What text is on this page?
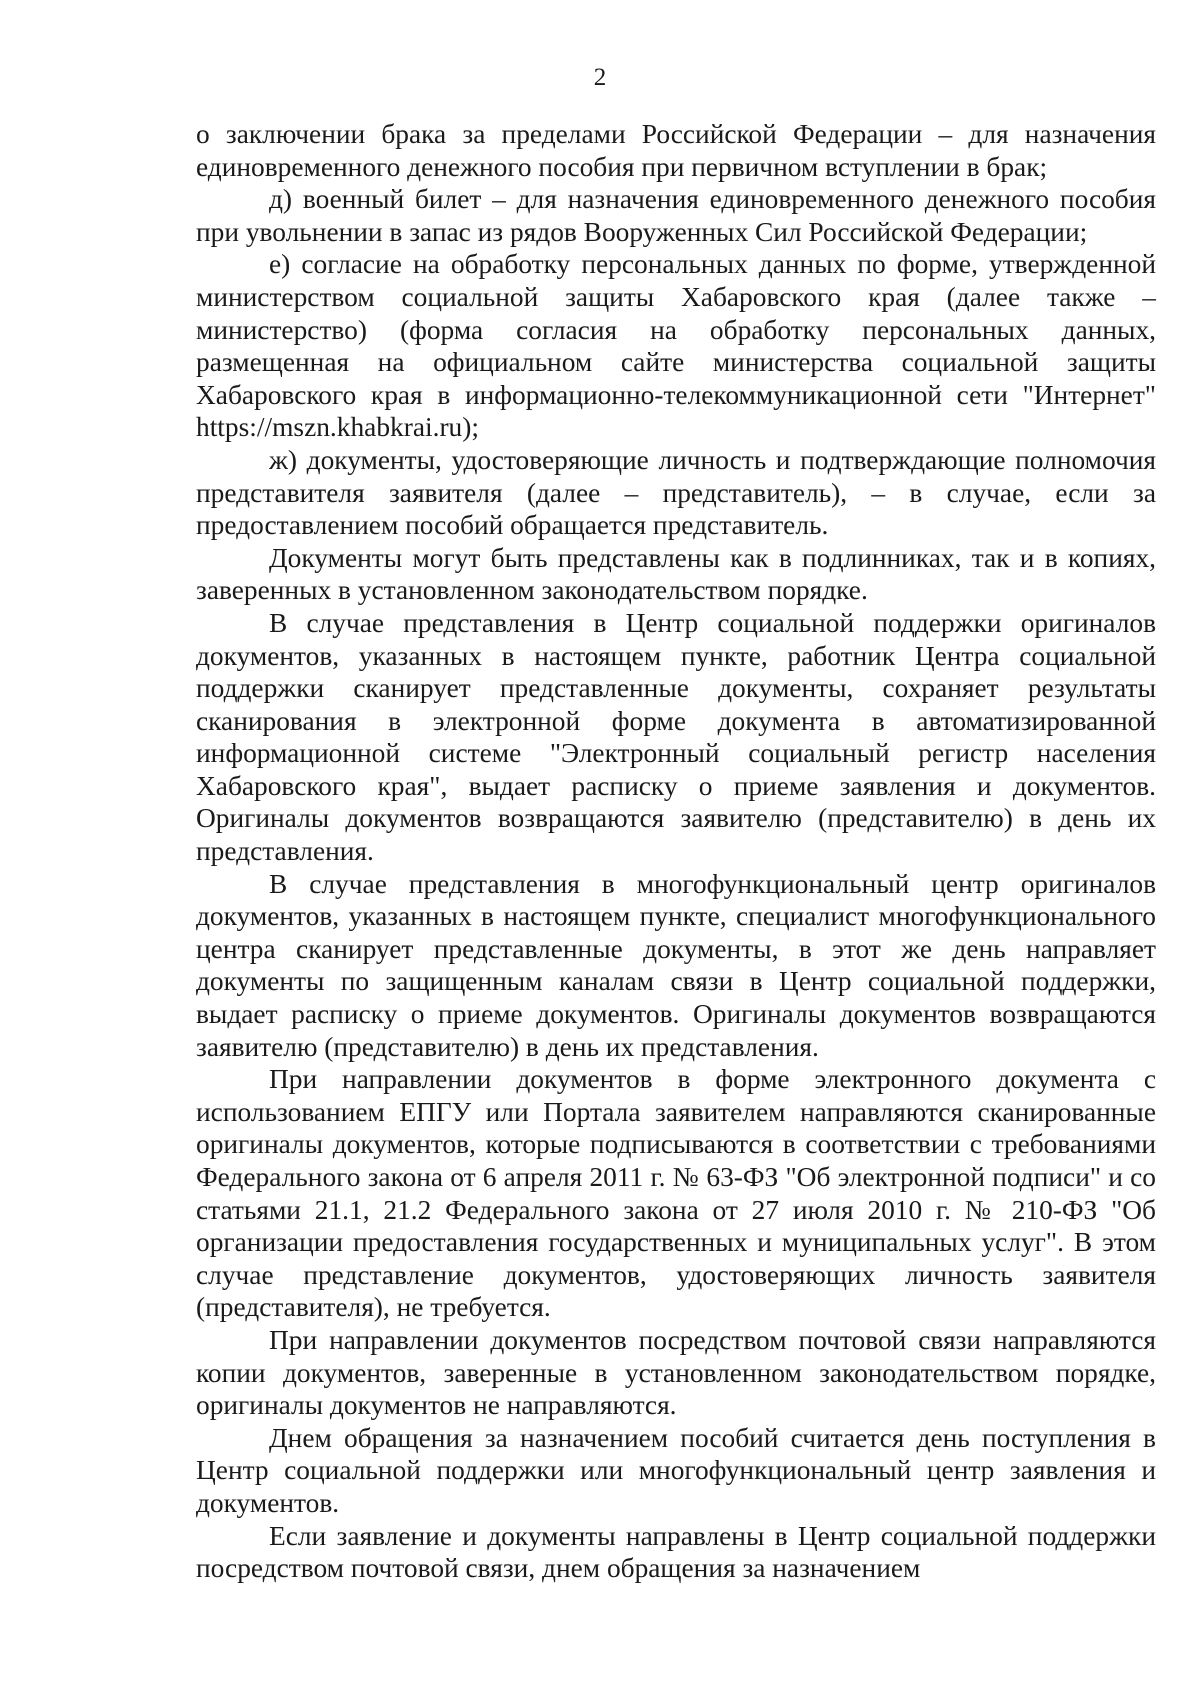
2

о заключении брака за пределами Российской Федерации – для назначения единовременного денежного пособия при первичном вступлении в брак;

д) военный билет – для назначения единовременного денежного пособия при увольнении в запас из рядов Вооруженных Сил Российской Федерации;

е) согласие на обработку персональных данных по форме, утвержденной министерством социальной защиты Хабаровского края (далее также – министерство) (форма согласия на обработку персональных данных, размещенная на официальном сайте министерства социальной защиты Хабаровского края в информационно-телекоммуникационной сети "Интернет" https://mszn.khabkrai.ru);

ж) документы, удостоверяющие личность и подтверждающие полномочия представителя заявителя (далее – представитель), – в случае, если за предоставлением пособий обращается представитель.

Документы могут быть представлены как в подлинниках, так и в копиях, заверенных в установленном законодательством порядке.

В случае представления в Центр социальной поддержки оригиналов документов, указанных в настоящем пункте, работник Центра социальной поддержки сканирует представленные документы, сохраняет результаты сканирования в электронной форме документа в автоматизированной информационной системе "Электронный социальный регистр населения Хабаровского края", выдает расписку о приеме заявления и документов. Оригиналы документов возвращаются заявителю (представителю) в день их представления.

В случае представления в многофункциональный центр оригиналов документов, указанных в настоящем пункте, специалист многофункционального центра сканирует представленные документы, в этот же день направляет документы по защищенным каналам связи в Центр социальной поддержки, выдает расписку о приеме документов. Оригиналы документов возвращаются заявителю (представителю) в день их представления.

При направлении документов в форме электронного документа с использованием ЕПГУ или Портала заявителем направляются сканированные оригиналы документов, которые подписываются в соответствии с требованиями Федерального закона от 6 апреля 2011 г. № 63-ФЗ "Об электронной подписи" и со статьями 21.1, 21.2 Федерального закона от 27 июля 2010 г. № 210-ФЗ "Об организации предоставления государственных и муниципальных услуг". В этом случае представление документов, удостоверяющих личность заявителя (представителя), не требуется.

При направлении документов посредством почтовой связи направляются копии документов, заверенные в установленном законодательством порядке, оригиналы документов не направляются.

Днем обращения за назначением пособий считается день поступления в Центр социальной поддержки или многофункциональный центр заявления и документов.

Если заявление и документы направлены в Центр социальной поддержки посредством почтовой связи, днем обращения за назначением
